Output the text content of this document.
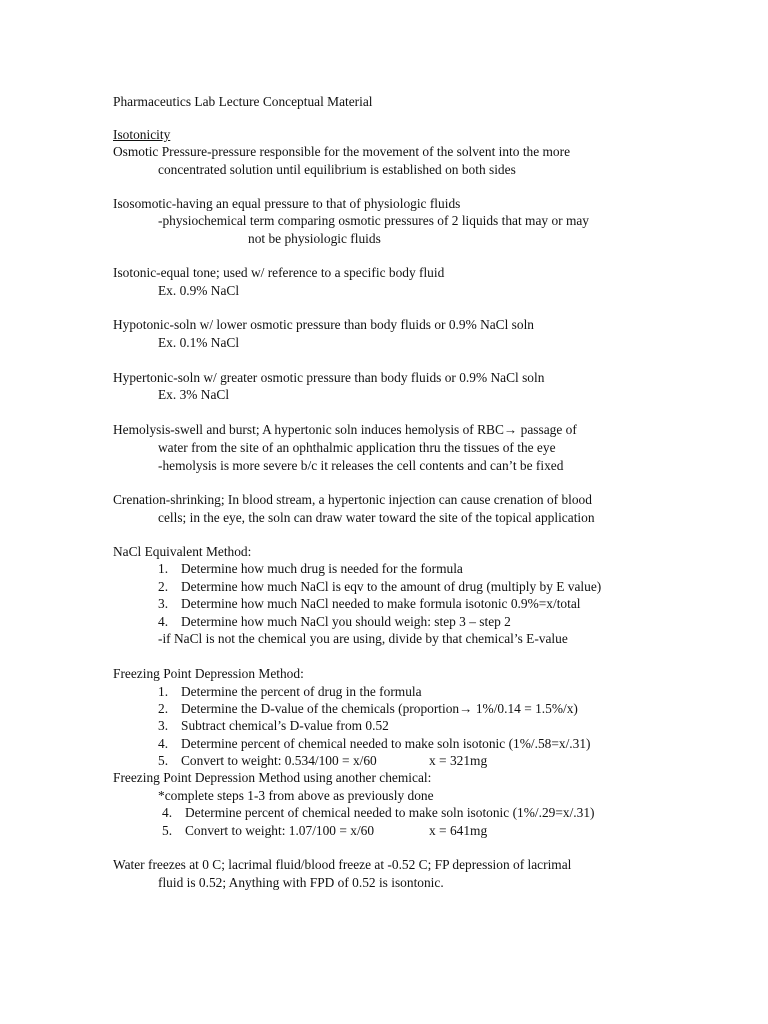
Pharmaceutics Lab Lecture Conceptual Material
Isotonicity
Osmotic Pressure-pressure responsible for the movement of the solvent into the more
concentrated solution until equilibrium is established on both sides
Isosomotic-having an equal pressure to that of physiologic fluids
-physiochemical term comparing osmotic pressures of 2 liquids that may or may
not be physiologic fluids
Isotonic-equal tone; used w/ reference to a specific body fluid
Ex. 0.9% NaCl
Hypotonic-soln w/ lower osmotic pressure than body fluids or 0.9% NaCl soln
Ex. 0.1% NaCl
Hypertonic-soln w/ greater osmotic pressure than body fluids or 0.9% NaCl soln
Ex. 3% NaCl
Hemolysis-swell and burst; A hypertonic soln induces hemolysis of RBC→ passage of
water from the site of an ophthalmic application thru the tissues of the eye
-hemolysis is more severe b/c it releases the cell contents and can’t be fixed
Crenation-shrinking; In blood stream, a hypertonic injection can cause crenation of blood
cells; in the eye, the soln can draw water toward the site of the topical application
NaCl Equivalent Method:
1. Determine how much drug is needed for the formula
2. Determine how much NaCl is eqv to the amount of drug (multiply by E value)
3. Determine how much NaCl needed to make formula isotonic 0.9%=x/total
4. Determine how much NaCl you should weigh: step 3 – step 2
-if NaCl is not the chemical you are using, divide by that chemical’s E-value
Freezing Point Depression Method:
1. Determine the percent of drug in the formula
2. Determine the D-value of the chemicals (proportion→ 1%/0.14 = 1.5%/x)
3. Subtract chemical’s D-value from 0.52
4. Determine percent of chemical needed to make soln isotonic (1%/.58=x/.31)
5. Convert to weight: 0.534/100 = x/60	x = 321mg
Freezing Point Depression Method using another chemical:
*complete steps 1-3 from above as previously done
4. Determine percent of chemical needed to make soln isotonic (1%/.29=x/.31)
5. Convert to weight: 1.07/100 = x/60	x = 641mg
Water freezes at 0 C; lacrimal fluid/blood freeze at -0.52 C; FP depression of lacrimal
fluid is 0.52; Anything with FPD of 0.52 is isontonic.
